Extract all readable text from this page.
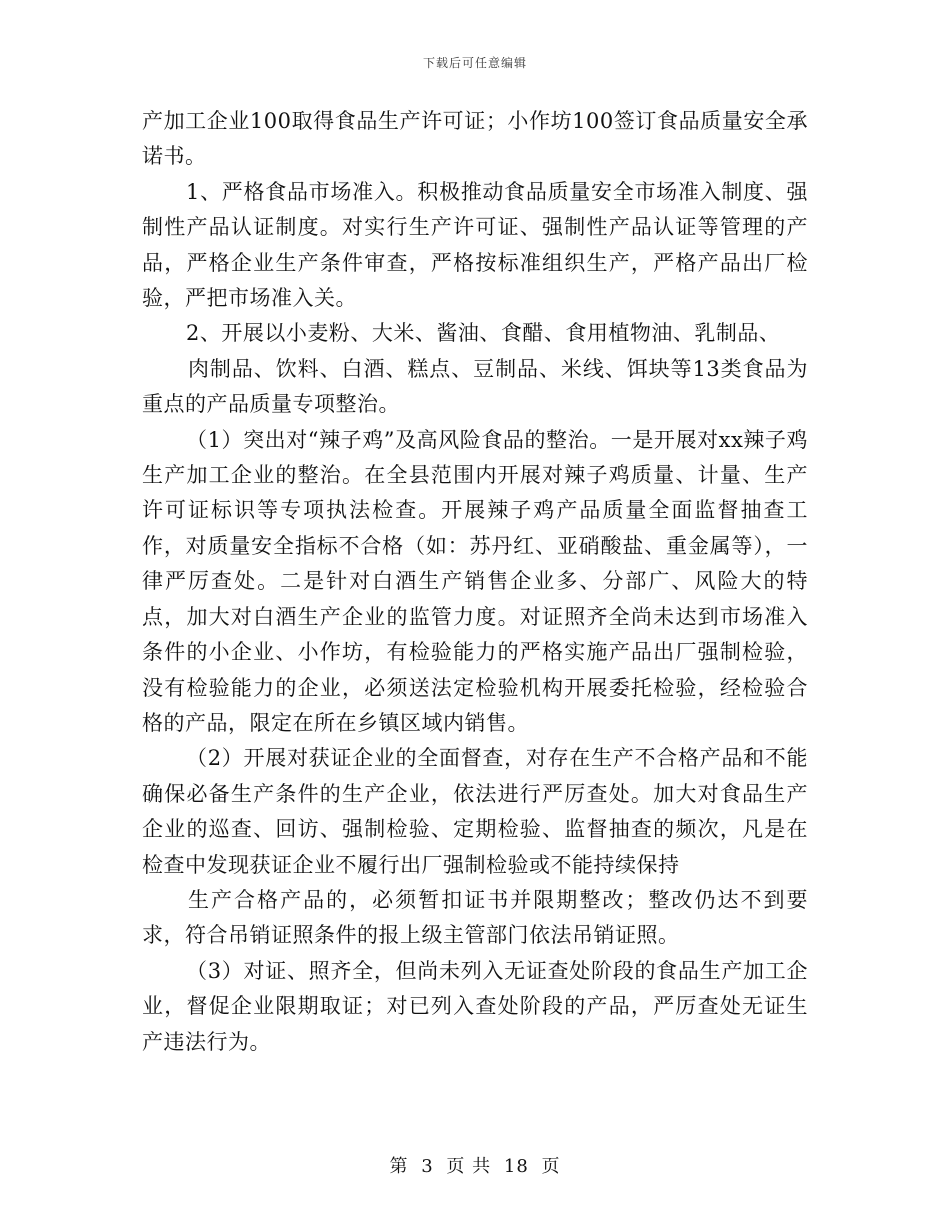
下载后可任意编辑

产加工企业100取得食品生产许可证；小作坊100签订食品质量安全承诺书。

1、严格食品市场准入。积极推动食品质量安全市场准入制度、强制性产品认证制度。对实行生产许可证、强制性产品认证等管理的产品，严格企业生产条件审查，严格按标准组织生产，严格产品出厂检验，严把市场准入关。

2、开展以小麦粉、大米、酱油、食醋、食用植物油、乳制品、

肉制品、饮料、白酒、糕点、豆制品、米线、饵块等13类食品为重点的产品质量专项整治。

（1）突出对“辣子鸡”及高风险食品的整治。一是开展对xx辣子鸡生产加工企业的整治。在全县范围内开展对辣子鸡质量、计量、生产许可证标识等专项执法检查。开展辣子鸡产品质量全面监督抽查工作，对质量安全指标不合格（如：苏丹红、亚硝酸盐、重金属等），一律严厉查处。二是针对白酒生产销售企业多、分部广、风险大的特点，加大对白酒生产企业的监管力度。对证照齐全尚未达到市场准入条件的小企业、小作坊，有检验能力的严格实施产品出厂强制检验，没有检验能力的企业，必须送法定检验机构开展委托检验，经检验合格的产品，限定在所在乡镇区域内销售。

（2）开展对获证企业的全面督查，对存在生产不合格产品和不能确保必备生产条件的生产企业，依法进行严厉查处。加大对食品生产企业的巡查、回访、强制检验、定期检验、监督抽查的频次，凡是在检查中发现获证企业不履行出厂强制检验或不能持续保持

生产合格产品的，必须暂扣证书并限期整改；整改仍达不到要求，符合吊销证照条件的报上级主管部门依法吊销证照。

（3）对证、照齐全，但尚未列入无证查处阶段的食品生产加工企业，督促企业限期取证；对已列入查处阶段的产品，严厉查处无证生产违法行为。

第 3 页 共 18 页
